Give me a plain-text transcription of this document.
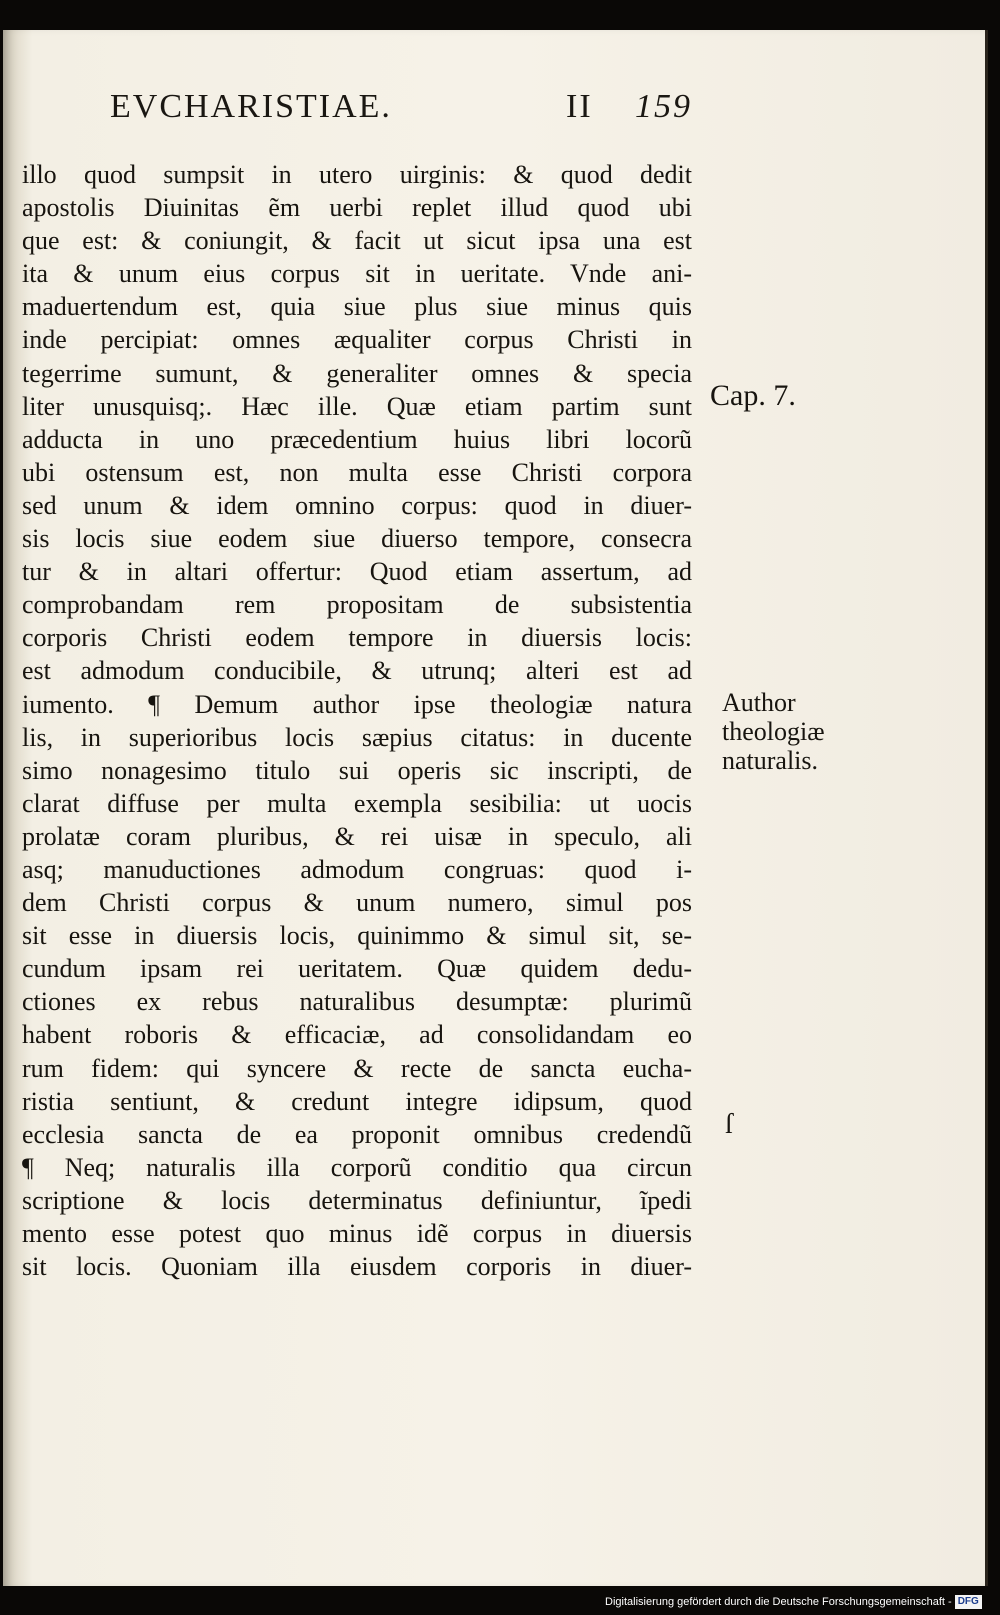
EVCHARISTIAE.	II 159
illo quod sumpsit in utero uirginis: & quod dedit
apostolis Diuinitas ẽm uerbi replet illud quod ubi
que est: & coniungit, & facit ut sicut ipsa una est
ita & unum eius corpus sit in ueritate. Vnde ani-
maduertendum est, quia siue plus siue minus quis
inde percipiat: omnes æqualiter corpus Christi in
tegerrime sumunt, & generaliter omnes & specia
liter unusquisq;. Hæc ille. Quæ etiam partim sunt
adducta in uno præcedentium huius libri locorũ
ubi ostensum est, non multa esse Christi corpora
sed unum & idem omnino corpus: quod in diuer-
sis locis siue eodem siue diuerso tempore, consecra
tur & in altari offertur: Quod etiam assertum, ad
comprobandam rem propositam de subsistentia
corporis Christi eodem tempore in diuersis locis:
est admodum conducibile, & utrunq; alteri est ad
iumento. ¶ Demum author ipse theologiæ natura
lis, in superioribus locis sæpius citatus: in ducente
simo nonagesimo titulo sui operis sic inscripti, de
clarat diffuse per multa exempla sesibilia: ut uocis
prolatæ coram pluribus, & rei uisæ in speculo, ali
asq; manuductiones admodum congruas: quod i-
dem Christi corpus & unum numero, simul pos
sit esse in diuersis locis, quinimmo & simul sit, se-
cundum ipsam rei ueritatem. Quæ quidem dedu-
ctiones ex rebus naturalibus desumptæ: plurimũ
habent roboris & efficaciæ, ad consolidandam eo
rum fidem: qui syncere & recte de sancta eucha-
ristia sentiunt, & credunt integre idipsum, quod
ecclesia sancta de ea proponit omnibus credendũ
¶ Neq; naturalis illa corporũ conditio qua circun
scriptione & locis determinatus definiuntur, ĩpedi
mento esse potest quo minus idẽ corpus in diuersis
sit locis. Quoniam illa eiusdem corporis in diuer-
Cap. 7.
Author
theologiæ
naturalis.
ſ
Digitalisierung gefördert durch die Deutsche Forschungsgemeinschaft - DFG
